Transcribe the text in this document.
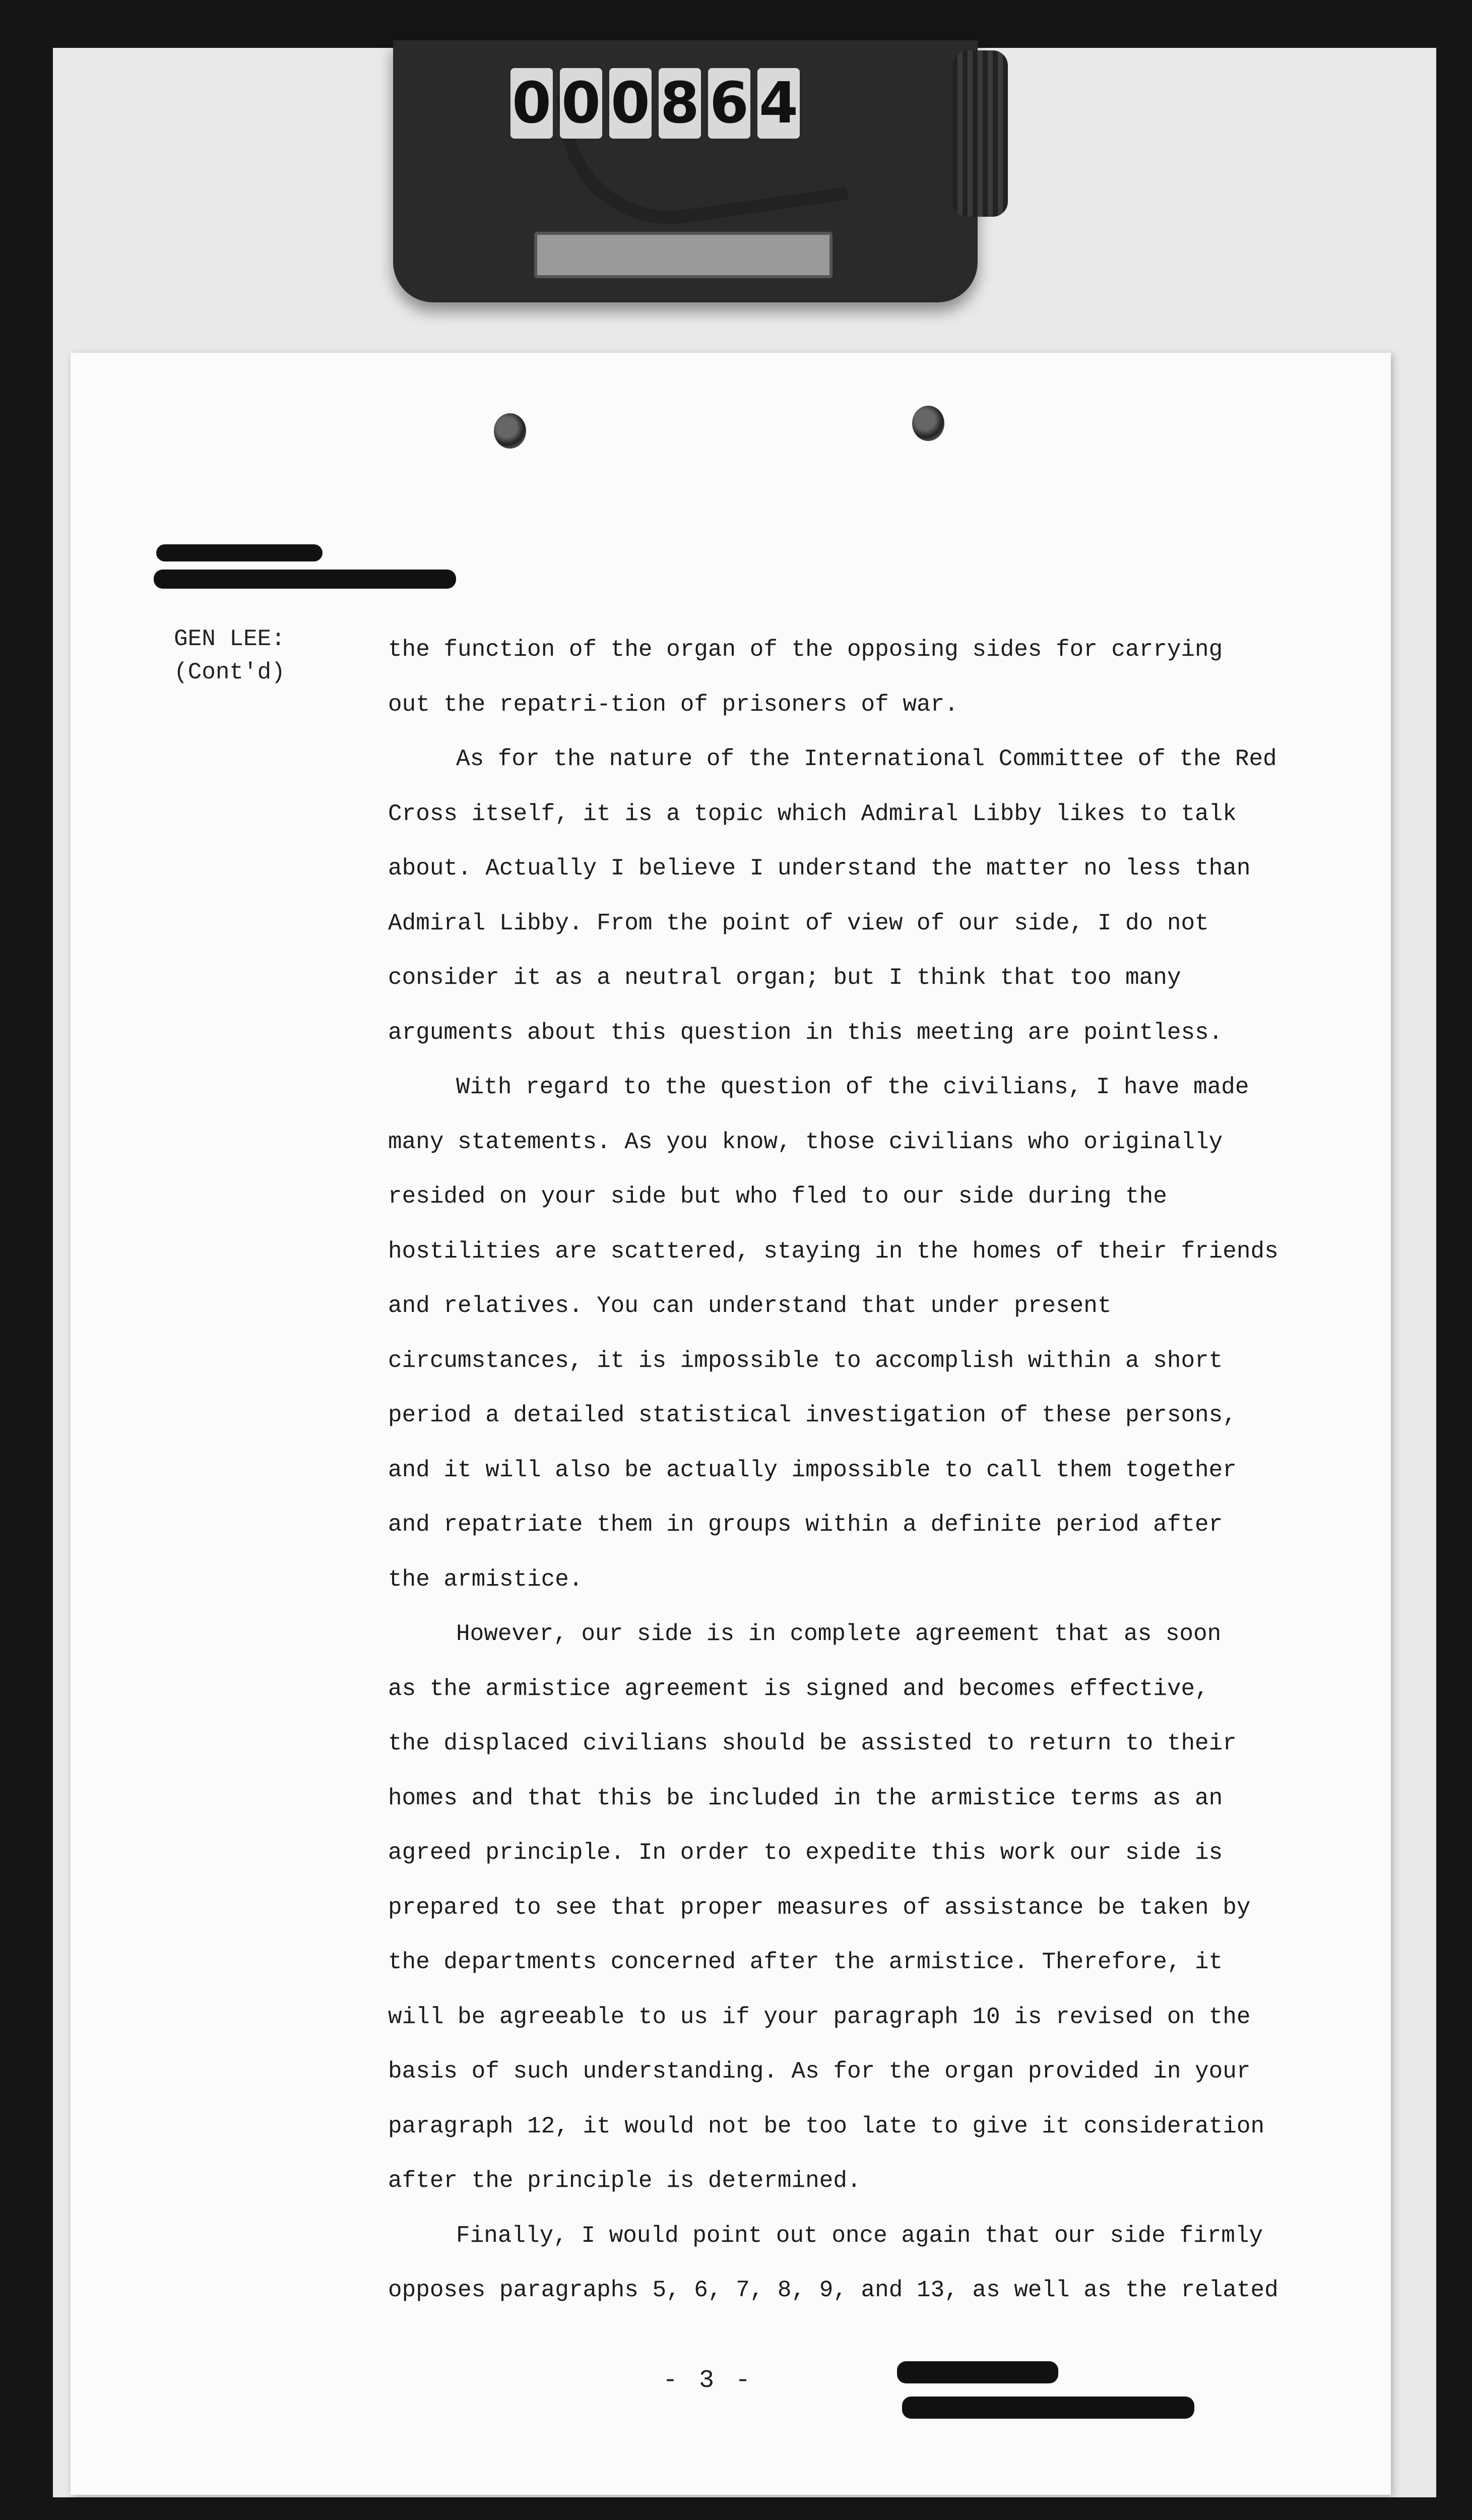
0 0 0 8 6 4
GEN LEE:
(Cont'd)
the function of the organ of the opposing sides for carrying
out the repatri-tion of prisoners of war.
As for the nature of the International Committee of the Red
Cross itself, it is a topic which Admiral Libby likes to talk
about. Actually I believe I understand the matter no less than
Admiral Libby. From the point of view of our side, I do not
consider it as a neutral organ; but I think that too many
arguments about this question in this meeting are pointless.
With regard to the question of the civilians, I have made
many statements. As you know, those civilians who originally
resided on your side but who fled to our side during the
hostilities are scattered, staying in the homes of their friends
and relatives. You can understand that under present
circumstances, it is impossible to accomplish within a short
period a detailed statistical investigation of these persons,
and it will also be actually impossible to call them together
and repatriate them in groups within a definite period after
the armistice.
However, our side is in complete agreement that as soon
as the armistice agreement is signed and becomes effective,
the displaced civilians should be assisted to return to their
homes and that this be included in the armistice terms as an
agreed principle. In order to expedite this work our side is
prepared to see that proper measures of assistance be taken by
the departments concerned after the armistice. Therefore, it
will be agreeable to us if your paragraph 10 is revised on the
basis of such understanding. As for the organ provided in your
paragraph 12, it would not be too late to give it consideration
after the principle is determined.
Finally, I would point out once again that our side firmly
opposes paragraphs 5, 6, 7, 8, 9, and 13, as well as the related
- 3 -
